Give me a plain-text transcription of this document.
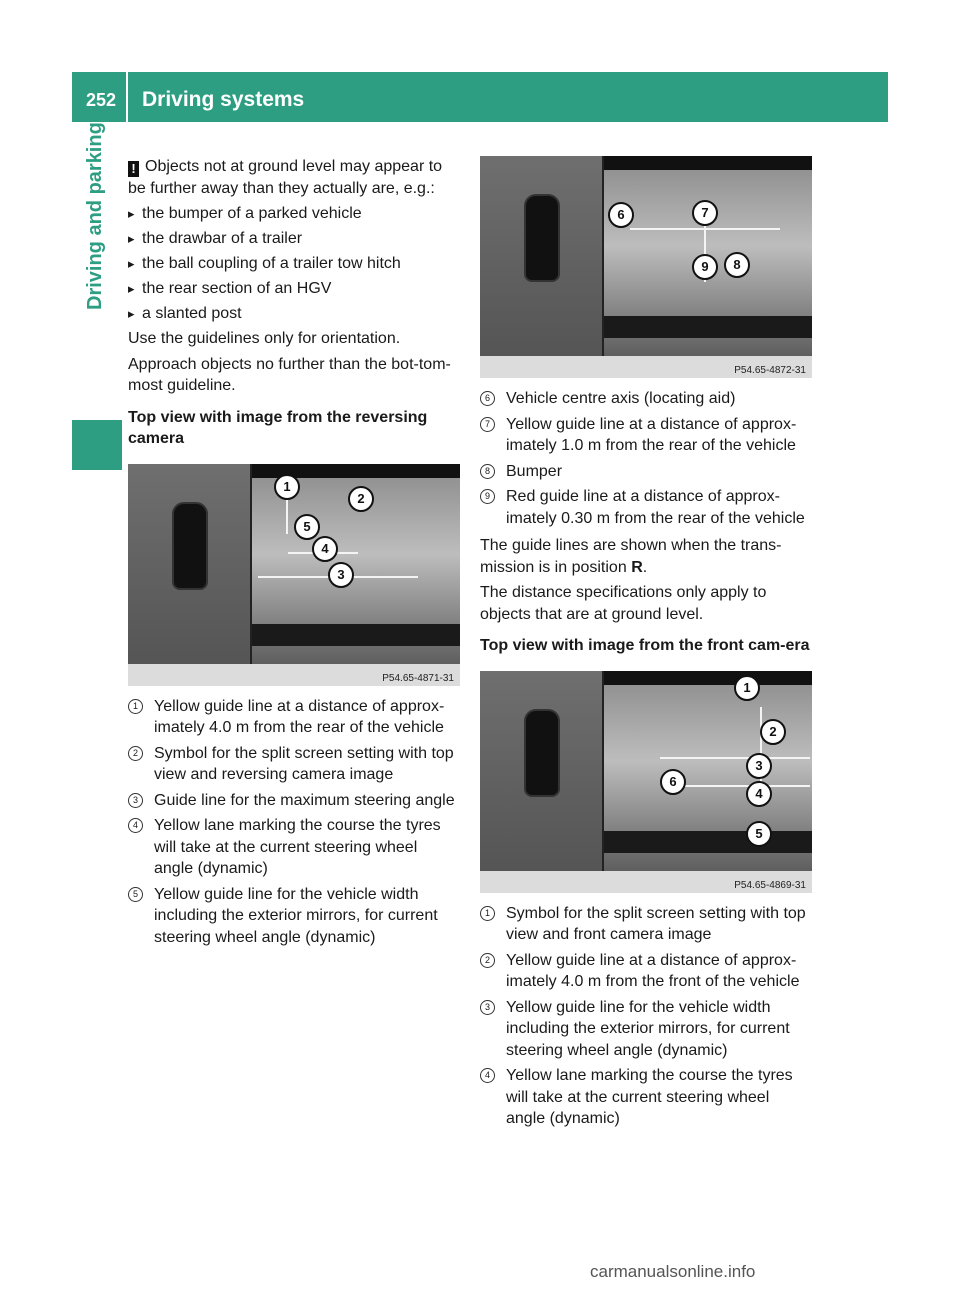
252 Driving systems
Driving and parking ! Objects not at ground level may appear to be further away than they actually are, e.g.:

▸ the bumper of a parked vehicle
▸ the drawbar of a trailer
▸ the ball coupling of a trailer tow hitch
▸ the rear section of an HGV
▸ a slanted post

Use the guidelines only for orientation.

Approach objects no further than the bot-tom-most guideline.

Top view with image from the reversing camera
1
2
3
4
5
P54.65-4871-31
1	Yellow guide line at a distance of approx-imately 4.0 m from the rear of the vehicle
2	Symbol for the split screen setting with top view and reversing camera image
3	Guide line for the maximum steering angle
4	Yellow lane marking the course the tyres will take at the current steering wheel angle (dynamic)
5	Yellow guide line for the vehicle width including the exterior mirrors, for current steering wheel angle (dynamic)
6	7
8
9
P54.65-4872-31
6	Vehicle centre axis (locating aid)
7	Yellow guide line at a distance of approx-imately 1.0 m from the rear of the vehicle
8	Bumper
9	Red guide line at a distance of approx-imately 0.30 m from the rear of the vehicle

The guide lines are shown when the trans-mission is in position R.

The distance specifications only apply to objects that are at ground level.

Top view with image from the front cam-era
1
2
3
4
5
6
P54.65-4869-31
1	Symbol for the split screen setting with top view and front camera image
2	Yellow guide line at a distance of approx-imately 4.0 m from the front of the vehicle
3	Yellow guide line for the vehicle width including the exterior mirrors, for current steering wheel angle (dynamic)
4	Yellow lane marking the course the tyres will take at the current steering wheel angle (dynamic)
carmanualsonline.info
